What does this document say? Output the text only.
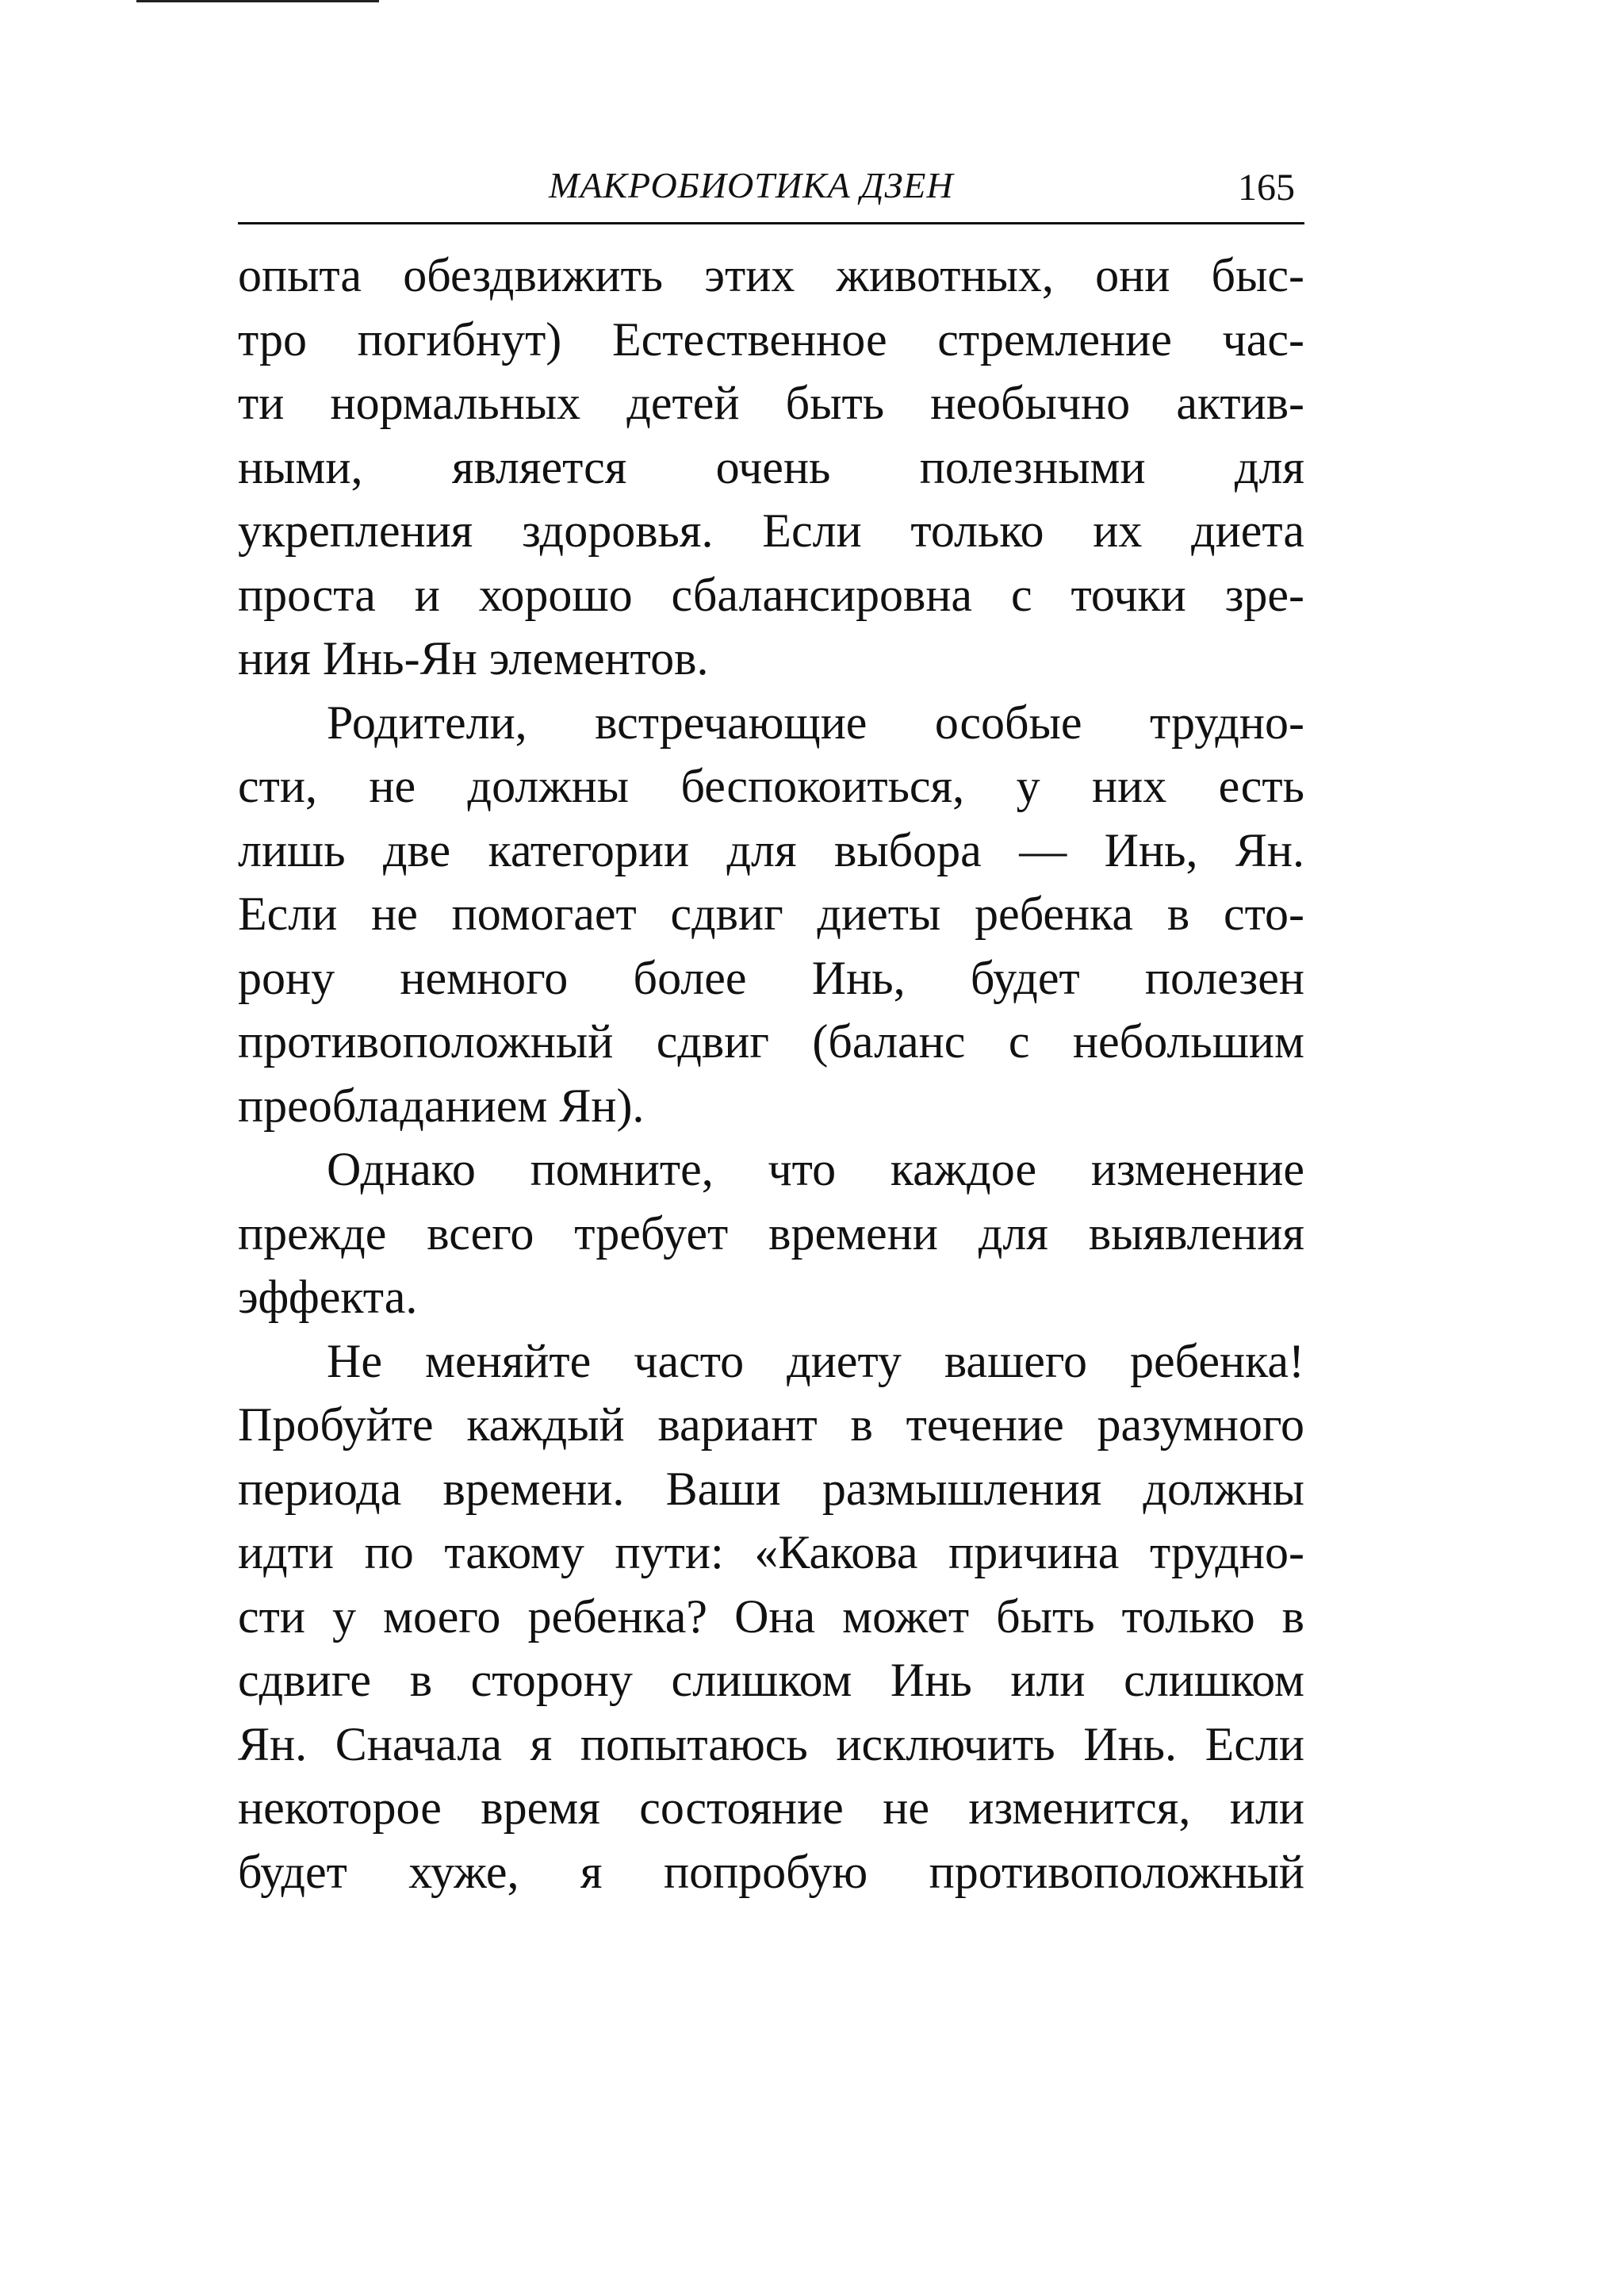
МАКРОБИОТИКА ДЗЕН	165
опыта обездвижить этих животных, они быс-
тро погибнут) Естественное стремление час-
ти нормальных детей быть необычно актив-
ными, является очень полезными для
укрепления здоровья. Если только их диета
проста и хорошо сбалансировна с точки зре-
ния Инь-Ян элементов.
Родители, встречающие особые трудно-
сти, не должны беспокоиться, у них есть
лишь две категории для выбора — Инь, Ян.
Если не помогает сдвиг диеты ребенка в сто-
рону немного более Инь, будет полезен
противоположный сдвиг (баланс с небольшим
преобладанием Ян).
Однако помните, что каждое изменение
прежде всего требует времени для выявления
эффекта.
Не меняйте часто диету вашего ребенка!
Пробуйте каждый вариант в течение разумного
периода времени. Ваши размышления должны
идти по такому пути: «Какова причина трудно-
сти у моего ребенка? Она может быть только в
сдвиге в сторону слишком Инь или слишком
Ян. Сначала я попытаюсь исключить Инь. Если
некоторое время состояние не изменится, или
будет хуже, я попробую противоположный
